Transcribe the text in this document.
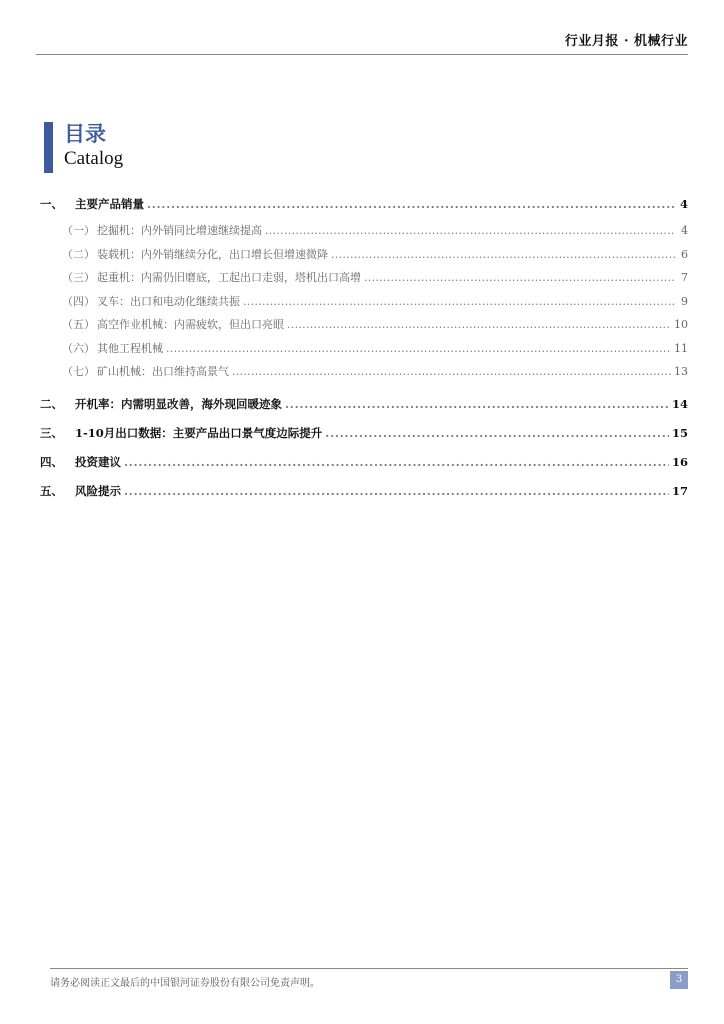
行业月报 · 机械行业
目录
Catalog
一、 主要产品销量 . . .	4
（一） 挖掘机：内外销同比增速继续提高 . . .	4
（二） 装载机：内外销继续分化，出口增长但增速微降 . . .	6
（三） 起重机：内需仍旧磨底，工起出口走弱，塔机出口高增 . . .	7
（四） 叉车：出口和电动化继续共振 . . .	9
（五） 高空作业机械：内需疲软，但出口亮眼 . . .	10
（六） 其他工程机械 . . .	11
（七） 矿山机械：出口维持高景气 . . .	13
二、 开机率：内需明显改善，海外现回暖迹象 . . .	14
三、 1-10月出口数据：主要产品出口景气度边际提升 . . .	15
四、 投资建议 . . .	16
五、 风险提示 . . .	17
请务必阅读正文最后的中国银河证券股份有限公司免责声明。	3
